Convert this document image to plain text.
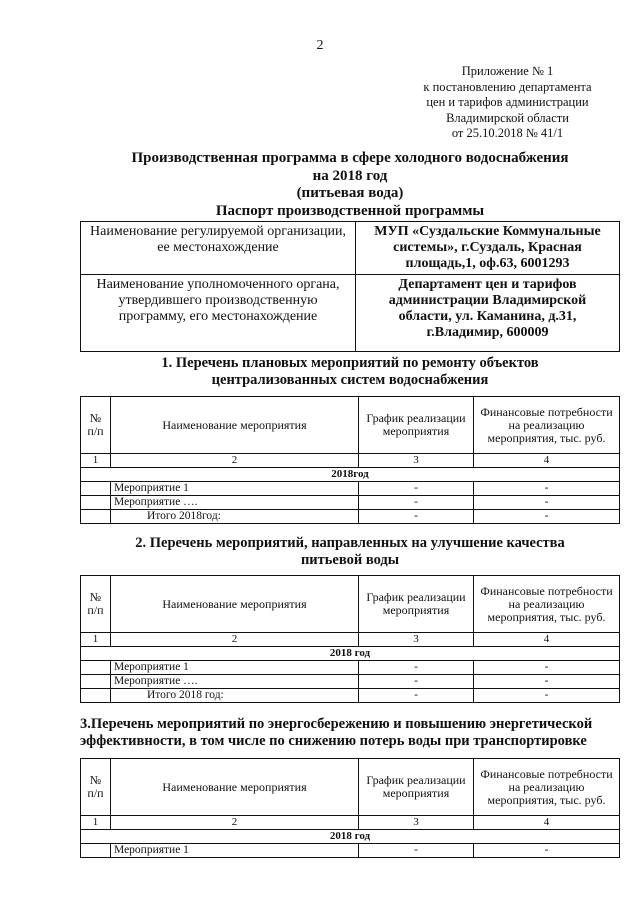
2
Приложение № 1
к постановлению департамента
цен и тарифов администрации
Владимирской области
от 25.10.2018 № 41/1
Производственная программа в сфере холодного водоснабжения
на 2018 год
(питьевая вода)
Паспорт производственной программы
Наименование регулируемой организации, ее местонахождение	МУП «Суздальские Коммунальные системы», г.Суздаль, Красная площадь,1, оф.63, 6001293
Наименование уполномоченного органа, утвердившего производственную программу, его местонахождение	Департамент цен и тарифов администрации Владимирской области, ул. Каманина, д.31, г.Владимир, 600009
1. Перечень плановых мероприятий по ремонту объектов
централизованных систем водоснабжения
№ п/п	Наименование мероприятия	График реализации мероприятия	Финансовые потребности на реализацию мероприятия, тыс. руб.
1	2	3	4
2018год			
	Мероприятие 1	-	-
	Мероприятие ….	-	-
	Итого 2018год:	-	-
2. Перечень мероприятий, направленных на улучшение качества
питьевой воды
№ п/п	Наименование мероприятия	График реализации мероприятия	Финансовые потребности на реализацию мероприятия, тыс. руб.
1	2	3	4
2018 год			
	Мероприятие 1	-	-
	Мероприятие ….	-	-
	Итого 2018 год:	-	-
3.Перечень мероприятий по энергосбережению и повышению энергетической
эффективности, в том числе по снижению потерь воды при транспортировке
№ п/п	Наименование мероприятия	График реализации мероприятия	Финансовые потребности на реализацию мероприятия, тыс. руб.
1	2	3	4
2018 год			
	Мероприятие 1	-	-
